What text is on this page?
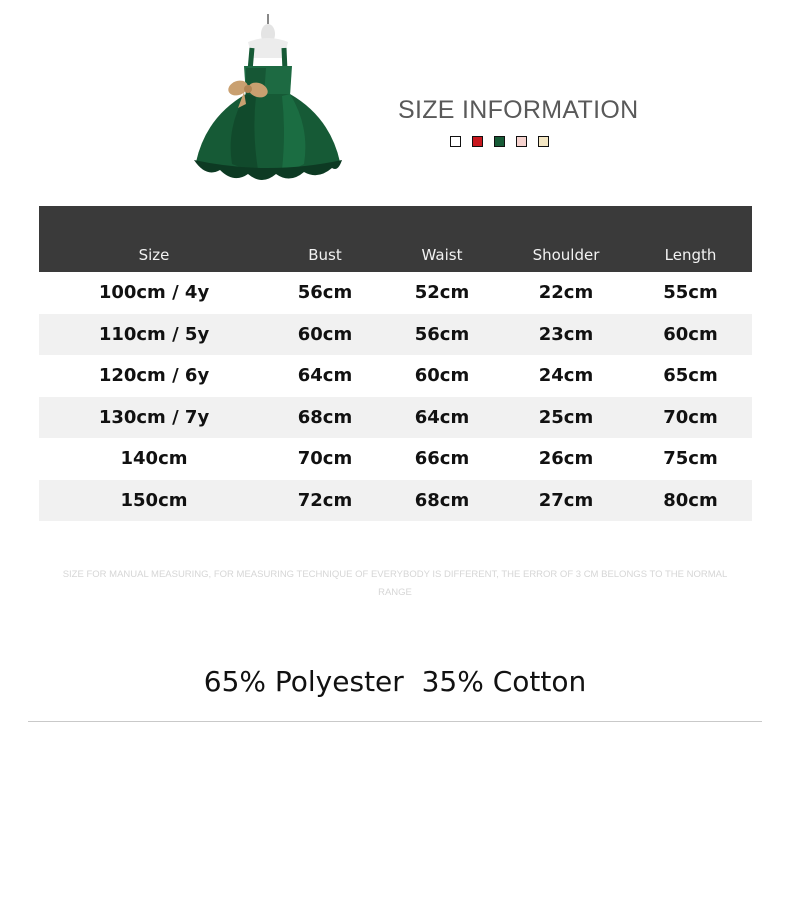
SIZE INFORMATION
Size	Bust	Waist	Shoulder	Length
100cm / 4y	56cm	52cm	22cm	55cm
110cm / 5y	60cm	56cm	23cm	60cm
120cm / 6y	64cm	60cm	24cm	65cm
130cm / 7y	68cm	64cm	25cm	70cm
140cm	70cm	66cm	26cm	75cm
150cm	72cm	68cm	27cm	80cm

SIZE FOR MANUAL MEASURING, FOR MEASURING TECHNIQUE OF EVERYBODY IS DIFFERENT, THE ERROR OF 3 CM BELONGS TO THE NORMAL RANGE

65% Polyester  35% Cotton
